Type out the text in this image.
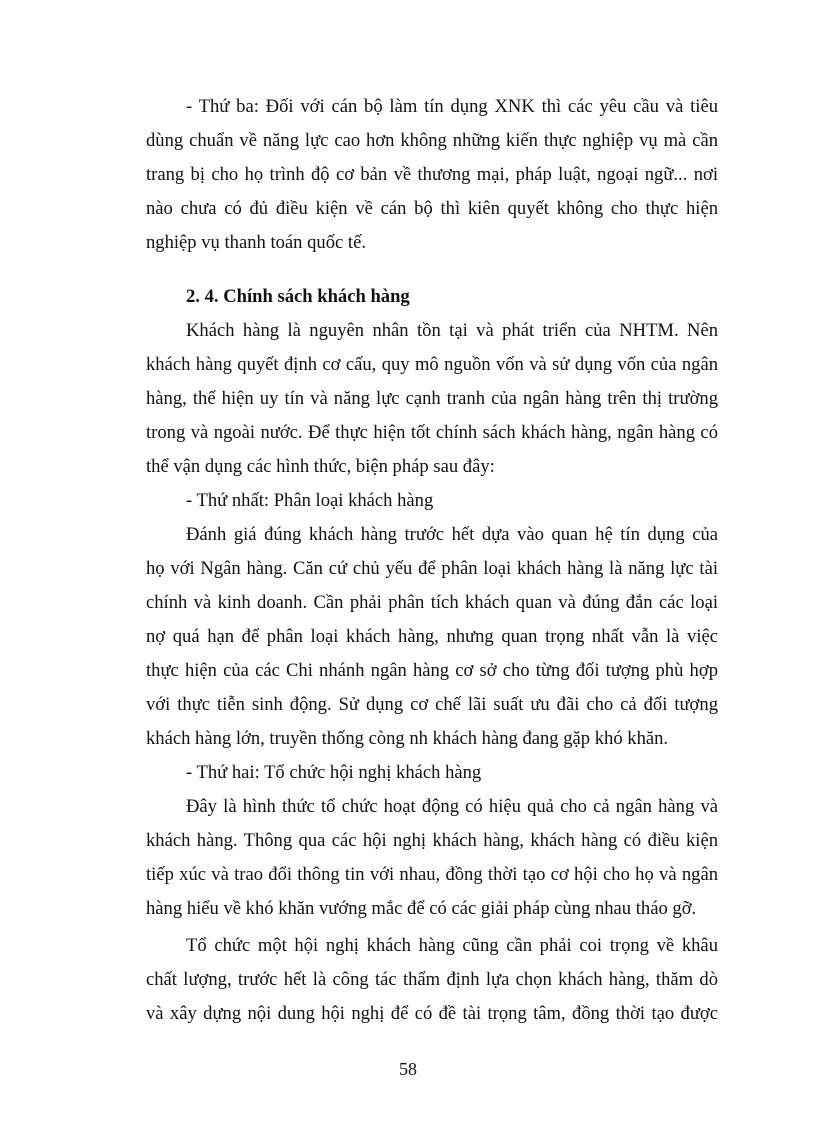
- Thứ ba: Đối với cán bộ làm tín dụng XNK thì các yêu cầu và tiêu
dùng chuẩn về năng lực cao hơn không những kiến thực nghiệp vụ mà cần
trang bị cho họ trình độ cơ bản về thương mại, pháp luật, ngoại ngữ... nơi
nào chưa có đủ điều kiện về cán bộ thì kiên quyết không cho thực hiện
nghiệp vụ thanh toán quốc tế.
2. 4. Chính sách khách hàng
Khách hàng là nguyên nhân tồn tại và phát triển của NHTM. Nên
khách hàng quyết định cơ cấu, quy mô nguồn vốn và sử dụng vốn của ngân
hàng, thể hiện uy tín và năng lực cạnh tranh của ngân hàng trên thị trường
trong và ngoài nước. Để thực hiện tốt chính sách khách hàng, ngân hàng có
thể vận dụng các hình thức, biện pháp sau đây:
- Thứ nhất: Phân loại khách hàng
Đánh giá đúng khách hàng trước hết dựa vào quan hệ tín dụng của
họ với Ngân hàng. Căn cứ chủ yếu để phân loại khách hàng là năng lực tài
chính và kinh doanh. Cần phải phân tích khách quan và đúng đắn các loại
nợ quá hạn để phân loại khách hàng, nhưng quan trọng nhất vẫn là việc
thực hiện của các Chi nhánh ngân hàng cơ sở cho từng đối tượng phù hợp
với thực tiễn sinh động. Sử dụng cơ chế lãi suất ưu đãi cho cả đối tượng
khách hàng lớn, truyền thống còng nh khách hàng đang gặp khó khăn.
- Thứ hai: Tổ chức hội nghị khách hàng
Đây là hình thức tổ chức hoạt động có hiệu quả cho cả ngân hàng và
khách hàng. Thông qua các hội nghị khách hàng, khách hàng có điều kiện
tiếp xúc và trao đổi thông tin với nhau, đồng thời tạo cơ hội cho họ và ngân
hàng hiểu về khó khăn vướng mắc để có các giải pháp cùng nhau tháo gỡ.
Tổ chức một hội nghị khách hàng cũng cần phải coi trọng về khâu
chất lượng, trước hết là công tác thẩm định lựa chọn khách hàng, thăm dò
và xây dựng nội dung hội nghị để có đề tài trọng tâm, đồng thời tạo được
58
